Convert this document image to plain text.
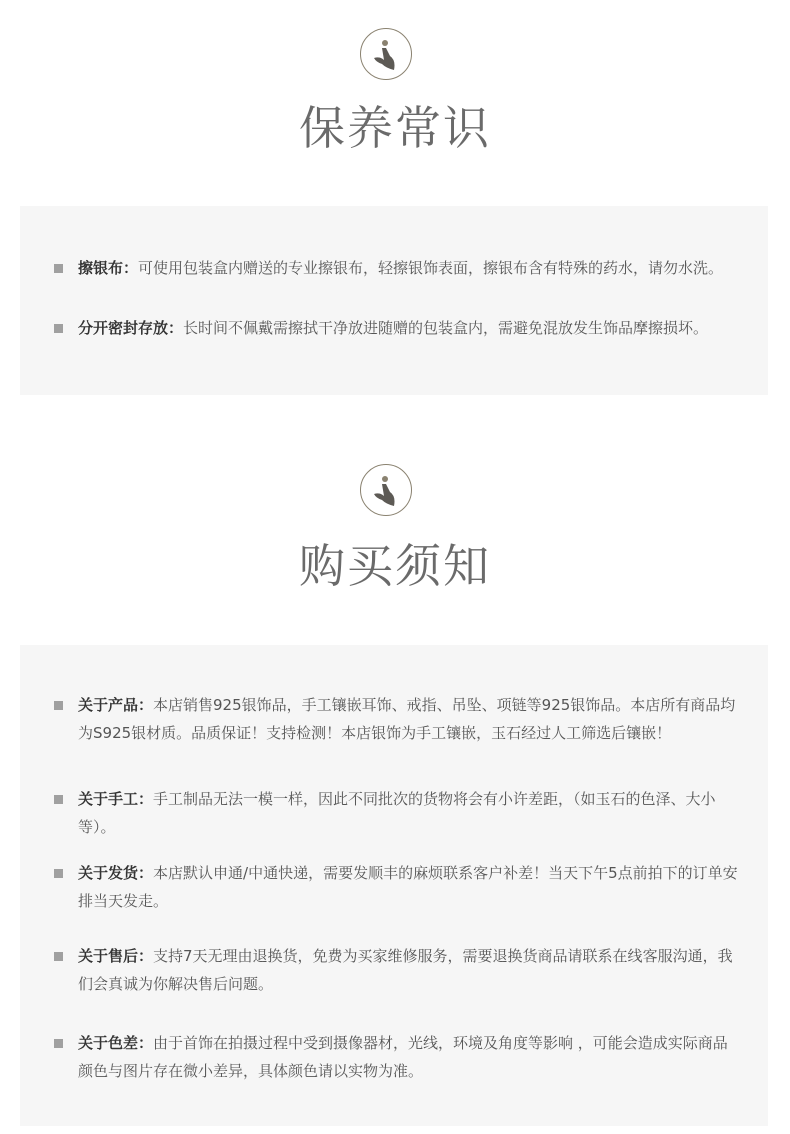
保养常识
擦银布：可使用包装盒内赠送的专业擦银布，轻擦银饰表面，擦银布含有特殊的药水，请勿水洗。
分开密封存放：长时间不佩戴需擦拭干净放进随赠的包装盒内，需避免混放发生饰品摩擦损坏。
购买须知
关于产品：本店销售925银饰品，手工镶嵌耳饰、戒指、吊坠、项链等925银饰品。本店所有商品均为S925银材质。品质保证！支持检测！本店银饰为手工镶嵌，玉石经过人工筛选后镶嵌！
关于手工：手工制品无法一模一样，因此不同批次的货物将会有小许差距，（如玉石的色泽、大小等）。
关于发货：本店默认申通/中通快递，需要发顺丰的麻烦联系客户补差！当天下午5点前拍下的订单安排当天发走。
关于售后：支持7天无理由退换货，免费为买家维修服务，需要退换货商品请联系在线客服沟通，我们会真诚为你解决售后问题。
关于色差：由于首饰在拍摄过程中受到摄像器材，光线，环境及角度等影响 ，可能会造成实际商品颜色与图片存在微小差异，具体颜色请以实物为准。
